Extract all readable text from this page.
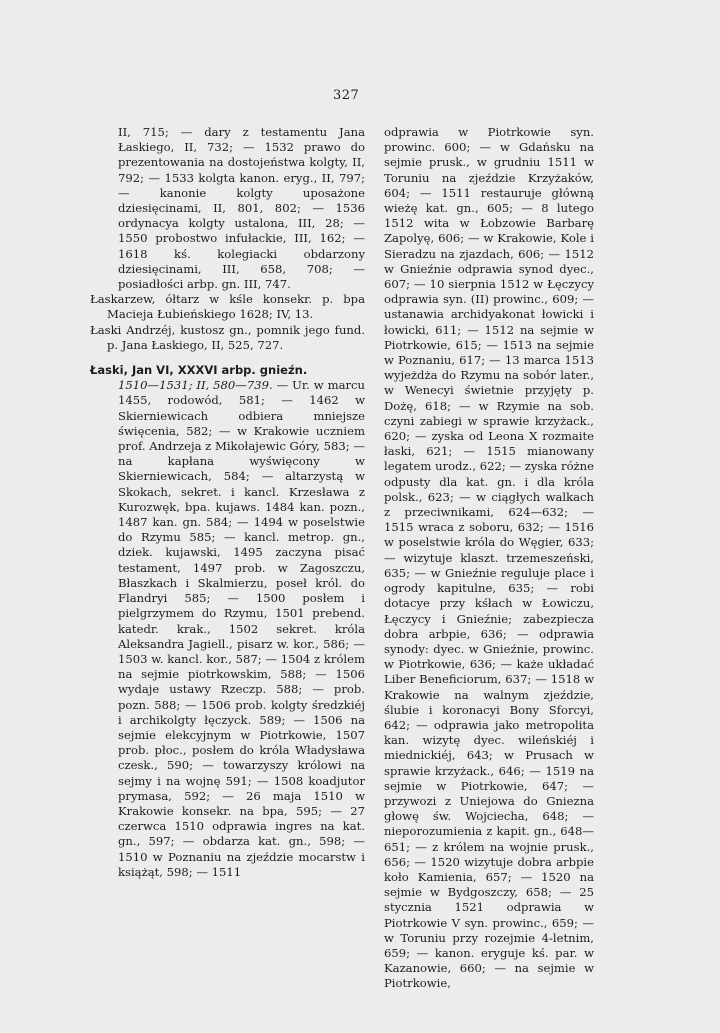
327

II, 715; — dary z testamentu Jana Łaskiego, II, 732; — 1532 prawo do prezentowania na dostojeństwa kolgty, II, 792; — 1533 kolgta kanon. eryg., II, 797; — kanonie kolgty uposażone dziesięcinami, II, 801, 802; — 1536 ordynacya kolgty ustalona, III, 28; — 1550 probostwo infułackie, III, 162; — 1618 kś. kolegiacki obdarzony dziesięcinami, III, 658, 708; — posiadłości arbp. gn. III, 747.

Łaskarzew, ółtarz w kśle konsekr. p. bpa Macieja Łubieńskiego 1628; IV, 13.

Łaski Andrzéj, kustosz gn., pomnik jego fund. p. Jana Łaskiego, II, 525, 727.

Łaski, Jan VI, XXXVI arbp. gnieźn.
1510—1531; II, 580—739. — Ur. w marcu 1455, rodowód, 581; — 1462 w Skierniewicach odbiera mniejsze święcenia, 582; — w Krakowie uczniem prof. Andrzeja z Mikołajewic Góry, 583; — na kapłana wyświęcony w Skierniewicach, 584; — altarzystą w Skokach, sekret. i kancl. Krzesława z Kurozwęk, bpa. kujaws. 1484 kan. pozn., 1487 kan. gn. 584; — 1494 w poselstwie do Rzymu 585; — kancl. metrop. gn., dziek. kujawski, 1495 zaczyna pisać testament, 1497 prob. w Zagoszczu, Błaszkach i Skalmierzu, poseł król. do Flandryi 585; — 1500 posłem i pielgrzymem do Rzymu, 1501 prebend. katedr. krak., 1502 sekret. króla Aleksandra Jagiell., pisarz w. kor., 586; — 1503 w. kancl. kor., 587; — 1504 z królem na sejmie piotrkowskim, 588; — 1506 wydaje ustawy Rzeczp. 588; — prob. pozn. 588; — 1506 prob. kolgty średzkiéj i archikolgty łęczyck. 589; — 1506 na sejmie elekcyjnym w Piotrkowie, 1507 prob. płoc., posłem do króla Władysława czesk., 590; — towarzyszy królowi na sejmy i na wojnę 591; — 1508 koadjutor prymasa, 592; — 26 maja 1510 w Krakowie konsekr. na bpa, 595; — 27 czerwca 1510 odprawia ingres na kat. gn., 597; — obdarza kat. gn., 598; — 1510 w Poznaniu na zjeździe mocarstw i książąt, 598; — 1511

odprawia w Piotrkowie syn. prowinc. 600; — w Gdańsku na sejmie prusk., w grudniu 1511 w Toruniu na zjeździe Krzyżaków, 604; — 1511 restauruje główną wieżę kat. gn., 605; — 8 lutego 1512 wita w Łobzowie Barbarę Zapolyę, 606; — w Krakowie, Kole i Sieradzu na zjazdach, 606; — 1512 w Gnieźnie odprawia synod dyec., 607; — 10 sierpnia 1512 w Łęczycy odprawia syn. (II) prowinc., 609; — ustanawia archidyakonat łowicki i łowicki, 611; — 1512 na sejmie w Piotrkowie, 615; — 1513 na sejmie w Poznaniu, 617; — 13 marca 1513 wyjeżdża do Rzymu na sobór later., w Wenecyi świetnie przyjęty p. Dożę, 618; — w Rzymie na sob. czyni zabiegi w sprawie krzyżack., 620; — zyska od Leona X rozmaite łaski, 621; — 1515 mianowany legatem urodz., 622; — zyska różne odpusty dla kat. gn. i dla króla polsk., 623; — w ciągłych walkach z przeciwnikami, 624—632; — 1515 wraca z soboru, 632; — 1516 w poselstwie króla do Węgier, 633; — wizytuje klaszt. trzemeszeński, 635; — w Gnieźnie reguluje place i ogrody kapitulne, 635; — robi dotacye przy kśłach w Łowiczu, Łęczycy i Gnieźnie; zabezpiecza dobra arbpie, 636; — odprawia synody: dyec. w Gnieźnie, prowinc. w Piotrkowie, 636; — każe układać Liber Beneficiorum, 637; — 1518 w Krakowie na walnym zjeździe, ślubie i koronacyi Bony Sforcyi, 642; — odprawia jako metropolita kan. wizytę dyec. wileńskiéj i miednickiéj, 643; w Prusach w sprawie krzyżack., 646; — 1519 na sejmie w Piotrkowie, 647; — przywozi z Uniejowa do Gniezna głowę św. Wojciecha, 648; — nieporozumienia z kapit. gn., 648—651; — z królem na wojnie prusk., 656; — 1520 wizytuje dobra arbpie koło Kamienia, 657; — 1520 na sejmie w Bydgoszczy, 658; — 25 stycznia 1521 odprawia w Piotrkowie V syn. prowinc., 659; — w Toruniu przy rozejmie 4-letnim, 659; — kanon. eryguje kś. par. w Kazanowie, 660; — na sejmie w Piotrkowie,
